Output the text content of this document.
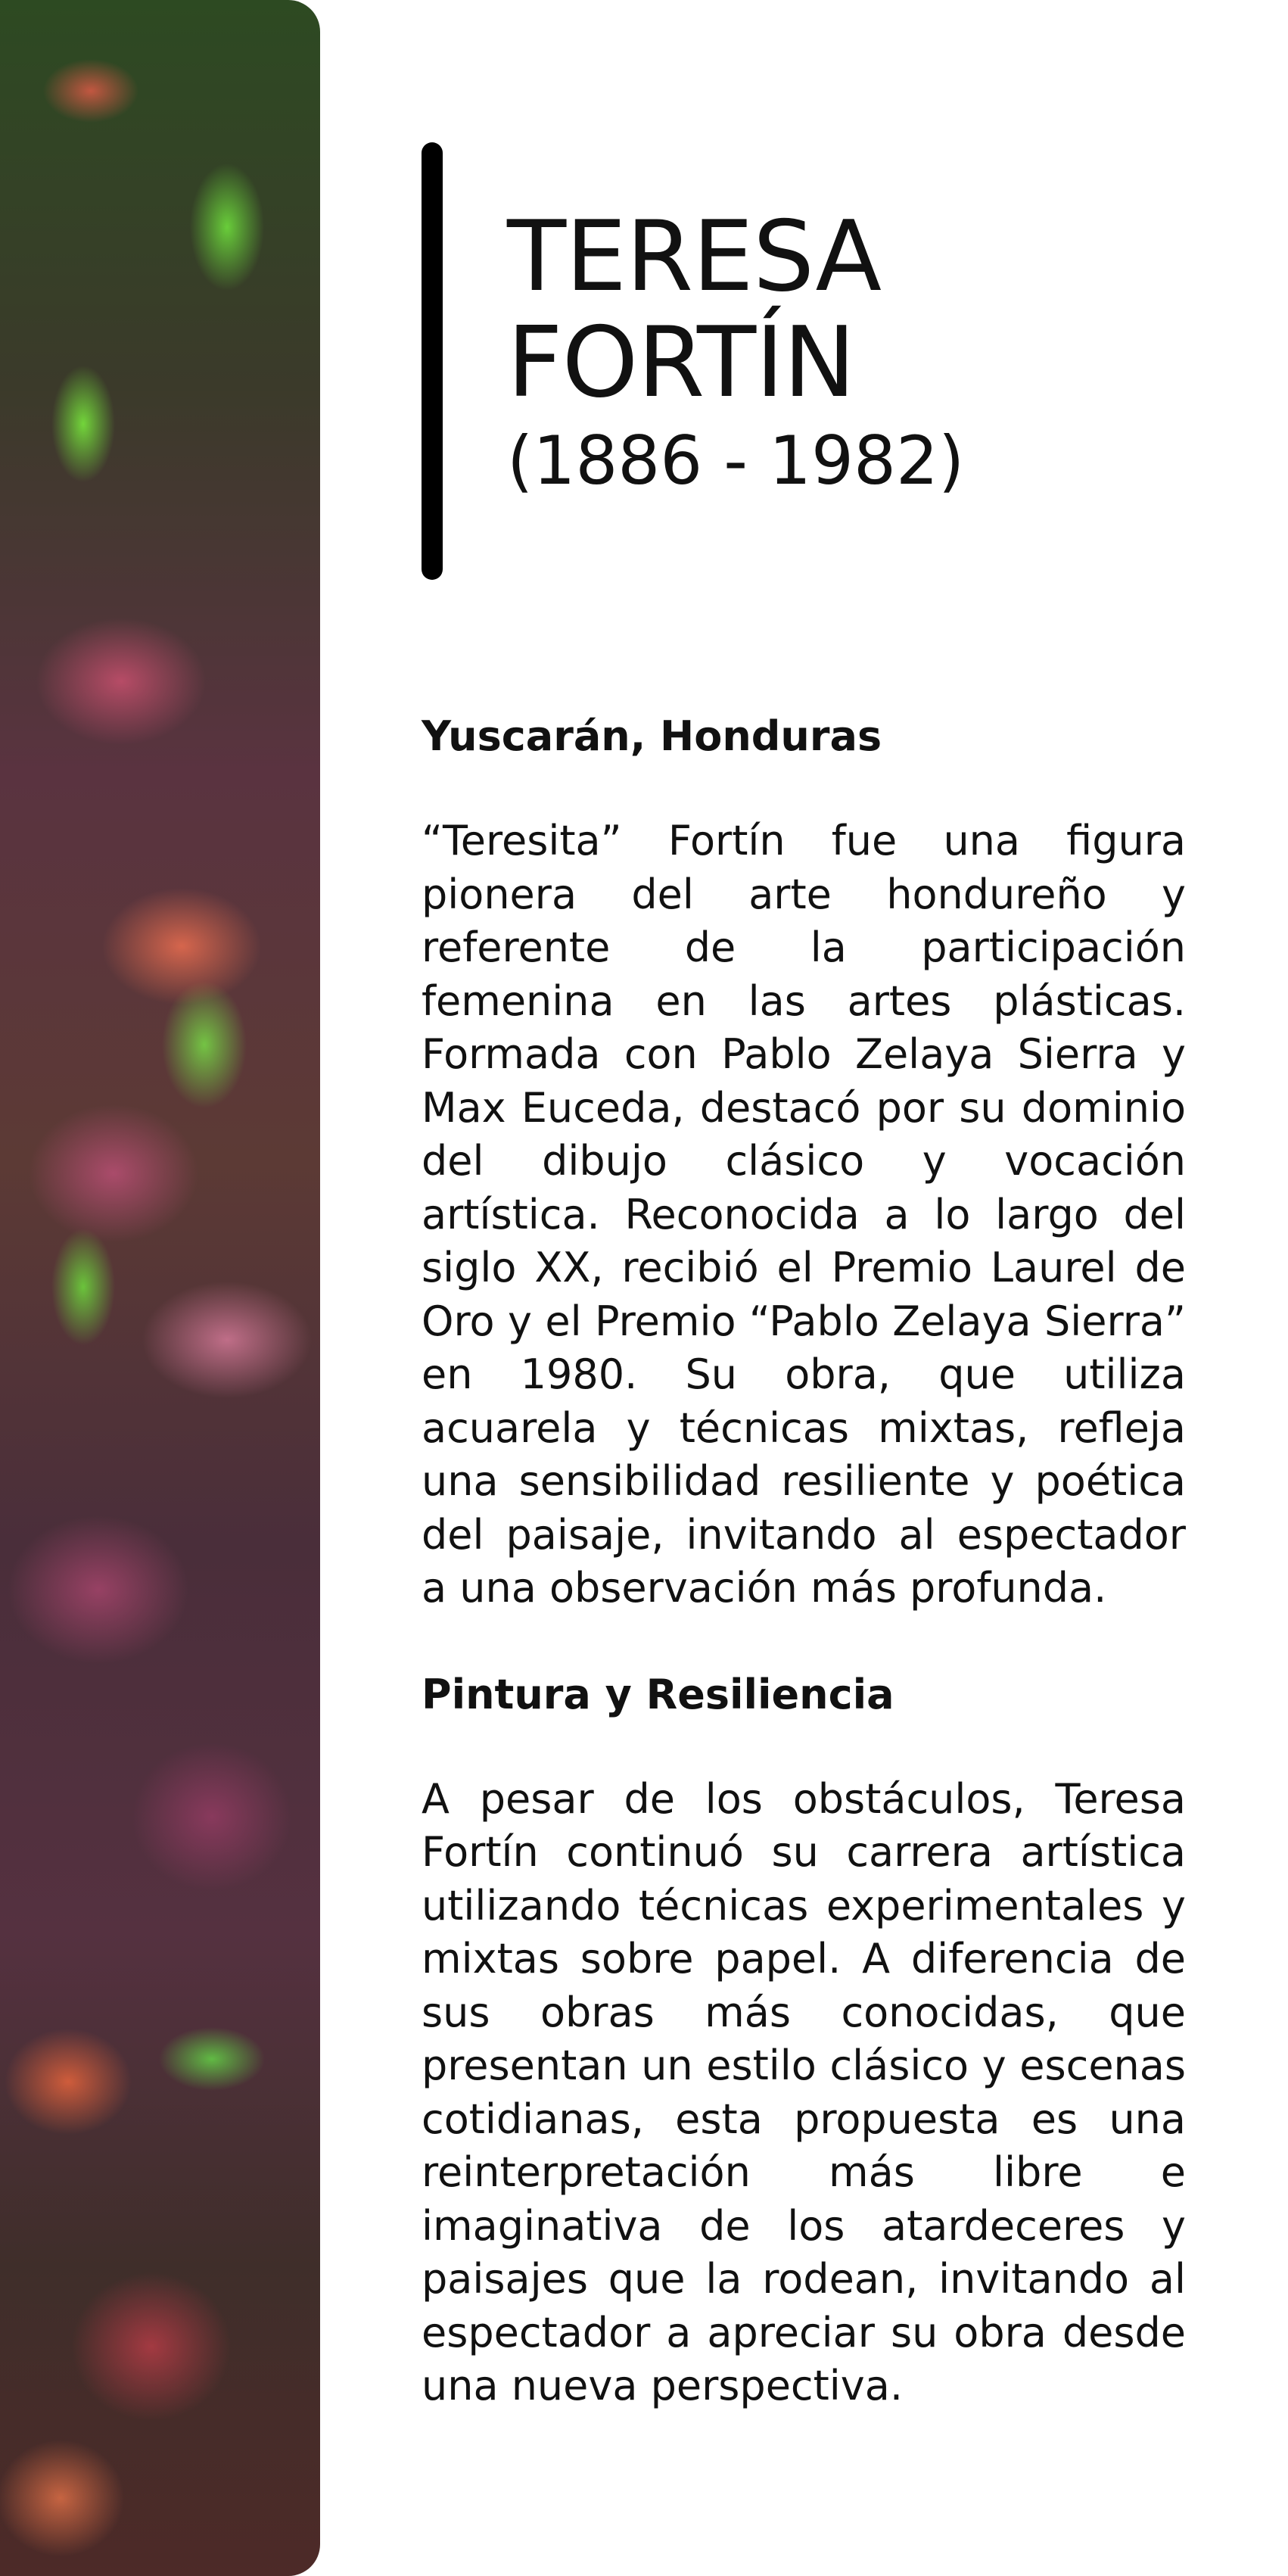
TERESA
FORTÍN
(1886 - 1982)
Yuscarán, Honduras

“Teresita” Fortín fue una figura pionera del arte hondureño y referente de la participación femenina en las artes plásticas. Formada con Pablo Zelaya Sierra y Max Euceda, destacó por su dominio del dibujo clásico y vocación artística. Reconocida a lo largo del siglo XX, recibió el Premio Laurel de Oro y el Premio “Pablo Zelaya Sierra” en 1980. Su obra, que utiliza acuarela y técnicas mixtas, refleja una sensibilidad resiliente y poética del paisaje, invitando al espectador a una observación más profunda.

Pintura y Resiliencia

A pesar de los obstáculos, Teresa Fortín continuó su carrera artística utilizando técnicas experimentales y mixtas sobre papel. A diferencia de sus obras más conocidas, que presentan un estilo clásico y escenas cotidianas, esta propuesta es una reinterpretación más libre e imaginativa de los atardeceres y paisajes que la rodean, invitando al espectador a apreciar su obra desde una nueva perspectiva.
